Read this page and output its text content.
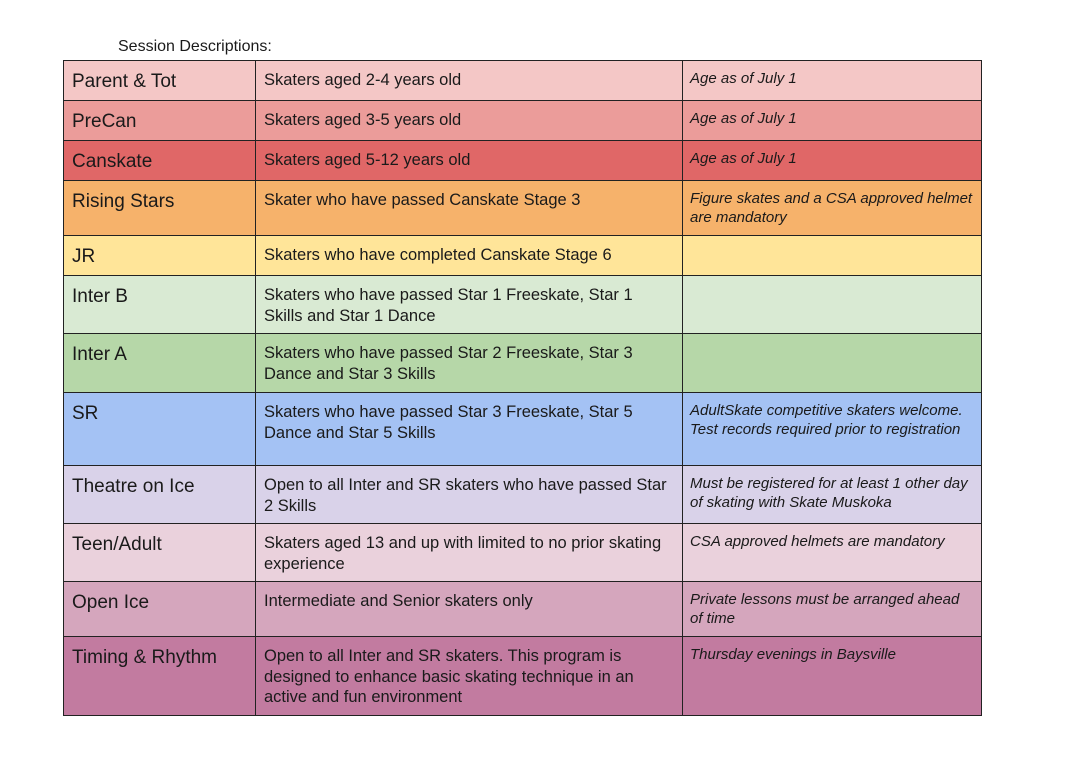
Session Descriptions:
Parent & Tot	Skaters aged 2-4 years old	Age as of July 1
PreCan	Skaters aged 3-5 years old	Age as of July 1
Canskate	Skaters aged 5-12 years old	Age as of July 1
Rising Stars	Skater who have passed Canskate Stage 3	Figure skates and a CSA approved helmet are mandatory
JR	Skaters who have completed Canskate Stage 6	
Inter B	Skaters who have passed Star 1 Freeskate, Star 1 Skills and Star 1 Dance	
Inter A	Skaters who have passed Star 2 Freeskate, Star 3 Dance and Star 3 Skills	
SR	Skaters who have passed Star 3 Freeskate, Star 5 Dance and Star 5 Skills	AdultSkate competitive skaters welcome. Test records required prior to registration
Theatre on Ice	Open to all Inter and SR skaters who have passed Star 2 Skills	Must be registered for at least 1 other day of skating with Skate Muskoka
Teen/Adult	Skaters aged 13 and up with limited to no prior skating experience	CSA approved helmets are mandatory
Open Ice	Intermediate and Senior skaters only	Private lessons must be arranged ahead of time
Timing & Rhythm	Open to all Inter and SR skaters. This program is designed to enhance basic skating technique in an active and fun environment	Thursday evenings in Baysville
